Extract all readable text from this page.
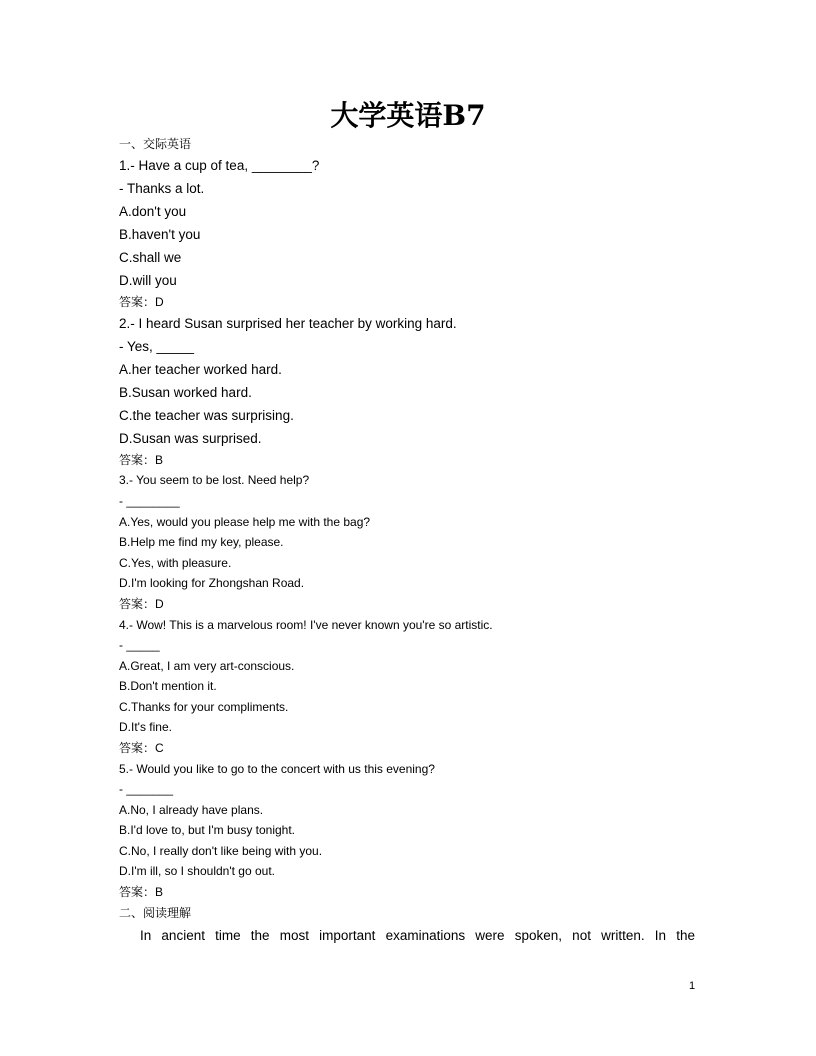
大学英语B7
一、交际英语
1.- Have a cup of tea, ________?
- Thanks a lot.
A.don't you
B.haven't you
C.shall we
D.will you
答案：D
2.- I heard Susan surprised her teacher by working hard.
- Yes, _____
A.her teacher worked hard.
B.Susan worked hard.
C.the teacher was surprising.
D.Susan was surprised.
答案：B
3.- You seem to be lost. Need help?
- ________
A.Yes, would you please help me with the bag?
B.Help me find my key, please.
C.Yes, with pleasure.
D.I'm looking for Zhongshan Road.
答案：D
4.- Wow! This is a marvelous room! I've never known you're so artistic.
- _____
A.Great, I am very art-conscious.
B.Don't mention it.
C.Thanks for your compliments.
D.It's fine.
答案：C
5.- Would you like to go to the concert with us this evening?
- _______
A.No, I already have plans.
B.I'd love to, but I'm busy tonight.
C.No, I really don't like being with you.
D.I'm ill, so I shouldn't go out.
答案：B
二、阅读理解
In ancient time the most important examinations were spoken, not written. In the
1
